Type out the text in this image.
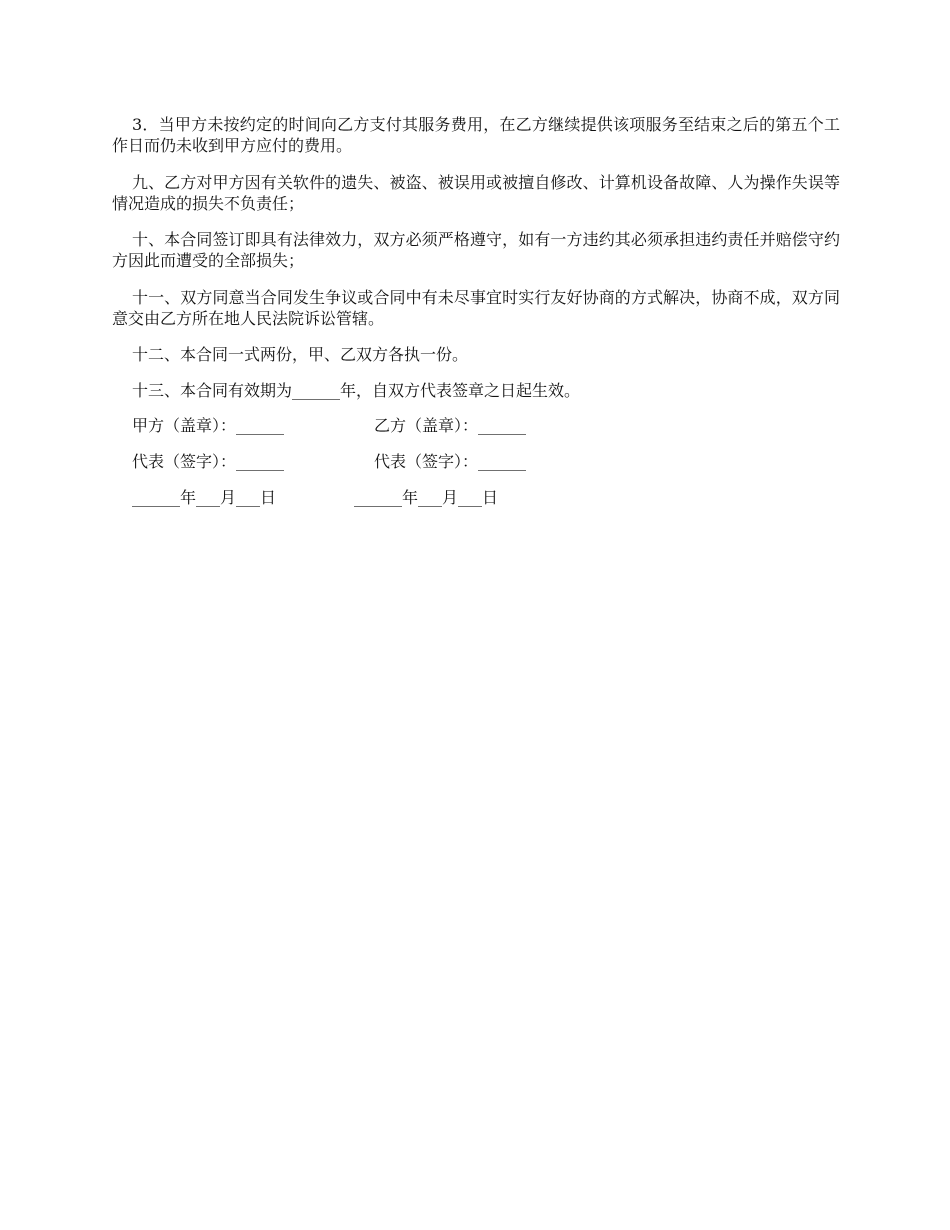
3．当甲方未按约定的时间向乙方支付其服务费用，在乙方继续提供该项服务至结束之后的第五个工作日而仍未收到甲方应付的费用。

九、乙方对甲方因有关软件的遗失、被盗、被误用或被擅自修改、计算机设备故障、人为操作失误等情况造成的损失不负责任；

十、本合同签订即具有法律效力，双方必须严格遵守，如有一方违约其必须承担违约责任并赔偿守约方因此而遭受的全部损失；

十一、双方同意当合同发生争议或合同中有未尽事宜时实行友好协商的方式解决，协商不成，双方同意交由乙方所在地人民法院诉讼管辖。

十二、本合同一式两份，甲、乙双方各执一份。

十三、本合同有效期为______年，自双方代表签章之日起生效。

甲方（盖章）：______	乙方（盖章）：______
代表（签字）：______	代表（签字）：______
______年___月___日	______年___月___日
